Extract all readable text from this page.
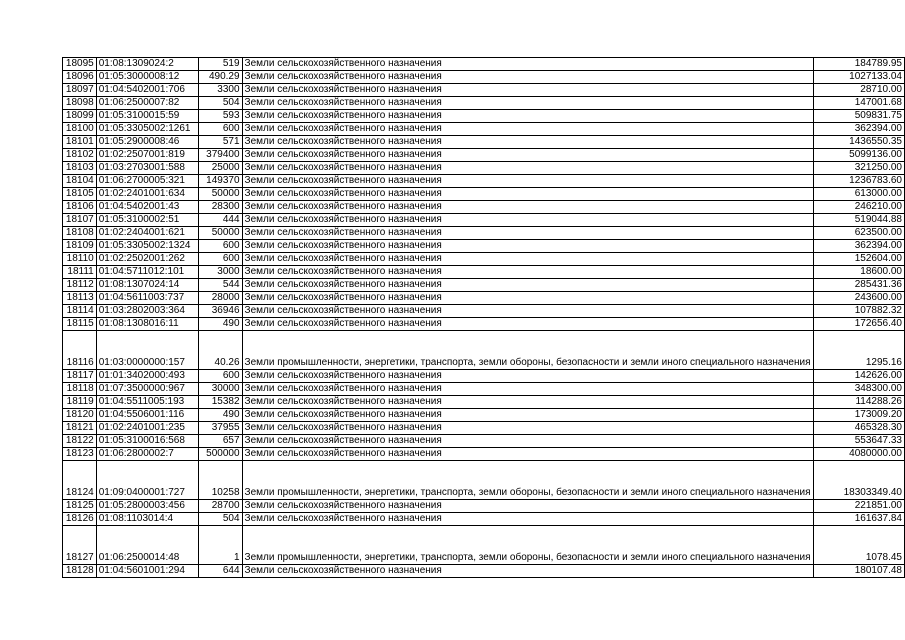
18095	01:08:1309024:2	519	Земли сельскохозяйственного назначения	184789.95
18096	01:05:3000008:12	490.29	Земли сельскохозяйственного назначения	1027133.04
18097	01:04:5402001:706	3300	Земли сельскохозяйственного назначения	28710.00
18098	01:06:2500007:82	504	Земли сельскохозяйственного назначения	147001.68
18099	01:05:3100015:59	593	Земли сельскохозяйственного назначения	509831.75
18100	01:05:3305002:1261	600	Земли сельскохозяйственного назначения	362394.00
18101	01:05:2900008:46	571	Земли сельскохозяйственного назначения	1436550.35
18102	01:02:2507001:819	379400	Земли сельскохозяйственного назначения	5099136.00
18103	01:03:2703001:588	25000	Земли сельскохозяйственного назначения	321250.00
18104	01:06:2700005:321	149370	Земли сельскохозяйственного назначения	1236783.60
18105	01:02:2401001:634	50000	Земли сельскохозяйственного назначения	613000.00
18106	01:04:5402001:43	28300	Земли сельскохозяйственного назначения	246210.00
18107	01:05:3100002:51	444	Земли сельскохозяйственного назначения	519044.88
18108	01:02:2404001:621	50000	Земли сельскохозяйственного назначения	623500.00
18109	01:05:3305002:1324	600	Земли сельскохозяйственного назначения	362394.00
18110	01:02:2502001:262	600	Земли сельскохозяйственного назначения	152604.00
18111	01:04:5711012:101	3000	Земли сельскохозяйственного назначения	18600.00
18112	01:08:1307024:14	544	Земли сельскохозяйственного назначения	285431.36
18113	01:04:5611003:737	28000	Земли сельскохозяйственного назначения	243600.00
18114	01:03:2802003:364	36946	Земли сельскохозяйственного назначения	107882.32
18115	01:08:1308016:11	490	Земли сельскохозяйственного назначения	172656.40
18116	01:03:0000000:157	40.26	Земли промышленности, энергетики, транспорта, земли обороны, безопасности и земли иного специального назначения	1295.16
18117	01:01:3402000:493	600	Земли сельскохозяйственного назначения	142626.00
18118	01:07:3500000:967	30000	Земли сельскохозяйственного назначения	348300.00
18119	01:04:5511005:193	15382	Земли сельскохозяйственного назначения	114288.26
18120	01:04:5506001:116	490	Земли сельскохозяйственного назначения	173009.20
18121	01:02:2401001:235	37955	Земли сельскохозяйственного назначения	465328.30
18122	01:05:3100016:568	657	Земли сельскохозяйственного назначения	553647.33
18123	01:06:2800002:7	500000	Земли сельскохозяйственного назначения	4080000.00
18124	01:09:0400001:727	10258	Земли промышленности, энергетики, транспорта, земли обороны, безопасности и земли иного специального назначения	18303349.40
18125	01:05:2800003:456	28700	Земли сельскохозяйственного назначения	221851.00
18126	01:08:1103014:4	504	Земли сельскохозяйственного назначения	161637.84
18127	01:06:2500014:48	1	Земли промышленности, энергетики, транспорта, земли обороны, безопасности и земли иного специального назначения	1078.45
18128	01:04:5601001:294	644	Земли сельскохозяйственного назначения	180107.48
